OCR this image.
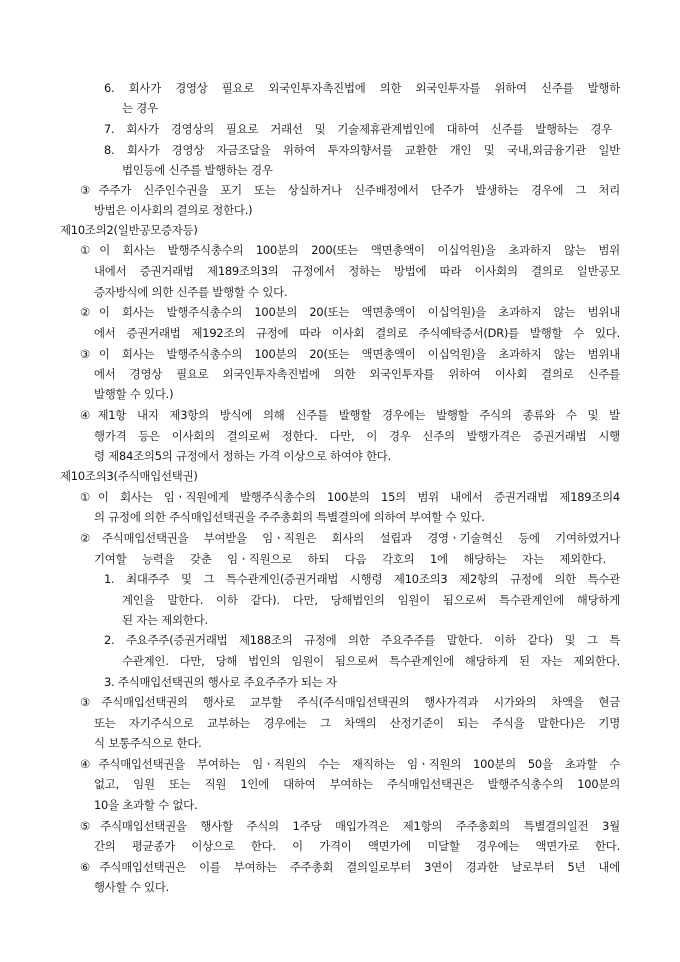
6. 회사가 경영상 필요로 외국인투자촉진법에 의한 외국인투자를 위하여 신주를 발행하
는 경우
7. 회사가 경영상의 필요로 거래선 및 기술제휴관계법인에 대하여 신주를 발행하는 경우
8. 회사가 경영상 자금조달을 위하여 투자의향서를 교환한 개인 및 국내,외금융기관 일반
법인등에 신주를 발행하는 경우
③주주가 신주인수권을 포기 또는 상실하거나 신주배정에서 단주가 발생하는 경우에 그 처리
방법은 이사회의 결의로 정한다.)
제10조의2(일반공모증자등)
①이 회사는 발행주식총수의 100분의 200(또는 액면총액이 이십억원)을 초과하지 않는 범위
내에서 증권거래법 제189조의3의 규정에서 정하는 방법에 따라 이사회의 결의로 일반공모
증자방식에 의한 신주를 발행할 수 있다.
②이 회사는 발행주식총수의 100분의 20(또는 액면총액이 이십억원)을 초과하지 않는 범위내
에서 증권거래법 제192조의 규정에 따라 이사회 결의로 주식예탁증서(DR)를 발행할 수 있다.
③이 회사는 발행주식총수의 100분의 20(또는 액면총액이 이십억원)을 초과하지 않는 범위내
에서 경영상 필요로 외국인투자촉진법에 의한 외국인투자를 위하여 이사회 결의로 신주를
발행할 수 있다.)
④제1항 내지 제3항의 방식에 의해 신주를 발행할 경우에는 발행할 주식의 종류와 수 및 발
행가격 등은 이사회의 결의로써 정한다. 다만, 이 경우 신주의 발행가격은 증권거래법 시행
령 제84조의5의 규정에서 정하는 가격 이상으로 하여야 한다.
제10조의3(주식매입선택권)
①이 회사는 임ㆍ직원에게 발행주식총수의 100분의 15의 범위 내에서 증권거래법 제189조의4
의 규정에 의한 주식매입선택권을 주주총회의 특별결의에 의하여 부여할 수 있다.
②주식매입선택권을 부여받을 임ㆍ직원은 회사의 설립과 경영ㆍ기술혁신 등에 기여하였거나
기여할 능력을 갖춘 임ㆍ직원으로 하되 다음 각호의 1에 해당하는 자는 제외한다.
1. 최대주주 및 그 특수관계인(증권거래법 시행령 제10조의3 제2항의 규정에 의한 특수관
계인을 말한다. 이하 같다). 다만, 당해법인의 임원이 됨으로써 특수관계인에 해당하게
된 자는 제외한다.
2. 주요주주(증권거래법 제188조의 규정에 의한 주요주주를 말한다. 이하 같다) 및 그 특
수관계인. 다만, 당해 법인의 임원이 됨으로써 특수관계인에 해당하게 된 자는 제외한다.
3. 주식매입선택권의 행사로 주요주주가 되는 자
③주식매입선택권의 행사로 교부할 주식(주식매입선택권의 행사가격과 시가와의 차액을 현금
또는 자기주식으로 교부하는 경우에는 그 차액의 산정기준이 되는 주식을 말한다)은 기명
식 보통주식으로 한다.
④주식매입선택권을 부여하는 임ㆍ직원의 수는 재직하는 임ㆍ직원의 100분의 50을 초과할 수
없고, 임원 또는 직원 1인에 대하여 부여하는 주식매입선택권은 발행주식총수의 100분의
10을 초과할 수 없다.
⑤주식매입선택권을 행사할 주식의 1주당 매입가격은 제1항의 주주총회의 특별결의일전 3월
간의 평균종가 이상으로 한다. 이 가격이 액면가에 미달할 경우에는 액면가로 한다.
⑥주식매입선택권은 이를 부여하는 주주총회 결의일로부터 3연이 경과한 날로부터 5년 내에
행사할 수 있다.
